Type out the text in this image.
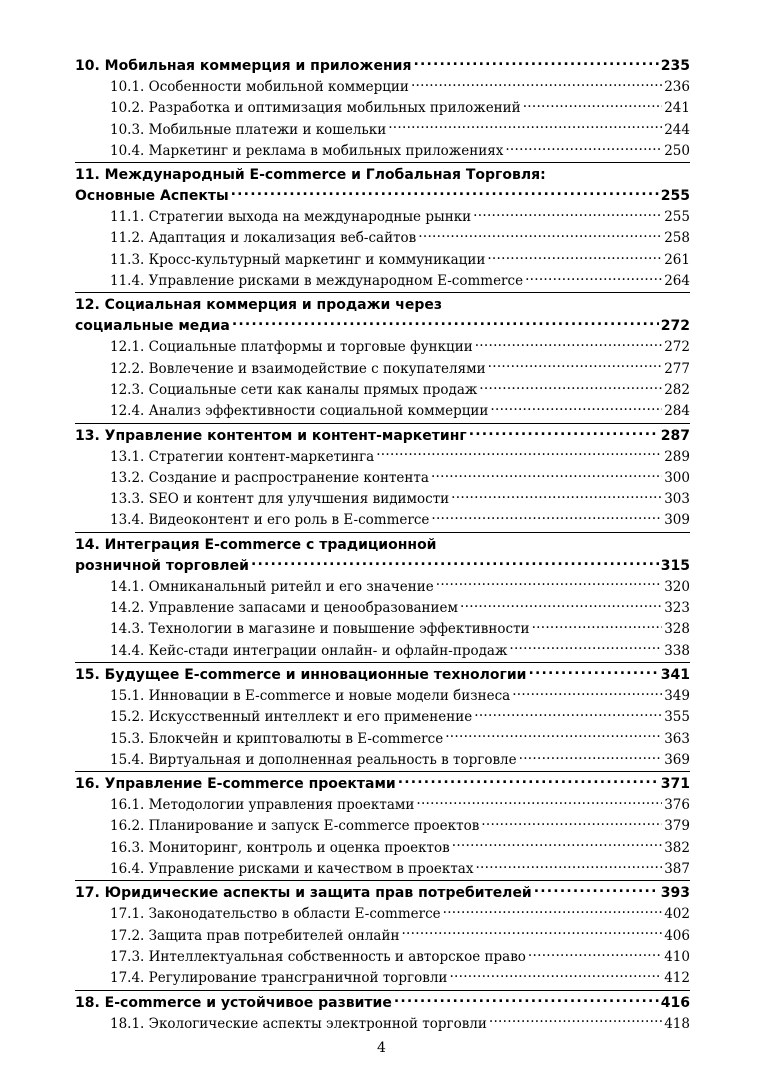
10. Мобильная коммерция и приложения .....	235
10.1. Особенности мобильной коммерции .....	236
10.2. Разработка и оптимизация мобильных приложений .....	241
10.3. Мобильные платежи и кошельки .....	244
10.4. Маркетинг и реклама в мобильных приложениях .....	250
11. Международный E-commerce и Глобальная Торговля:
Основные Аспекты .....	255
11.1. Стратегии выхода на международные рынки .....	255
11.2. Адаптация и локализация веб-сайтов .....	258
11.3. Кросс-культурный маркетинг и коммуникации .....	261
11.4. Управление рисками в международном E-commerce .....	264
12. Социальная коммерция и продажи через
социальные медиа .....	272
12.1. Социальные платформы и торговые функции .....	272
12.2. Вовлечение и взаимодействие с покупателями .....	277
12.3. Социальные сети как каналы прямых продаж .....	282
12.4. Анализ эффективности социальной коммерции .....	284
13. Управление контентом и контент-маркетинг .....	287
13.1. Стратегии контент-маркетинга .....	289
13.2. Создание и распространение контента .....	300
13.3. SEO и контент для улучшения видимости .....	303
13.4. Видеоконтент и его роль в E-commerce .....	309
14. Интеграция E-commerce с традиционной
розничной торговлей .....	315
14.1. Омниканальный ритейл и его значение .....	320
14.2. Управление запасами и ценообразованием .....	323
14.3. Технологии в магазине и повышение эффективности .....	328
14.4. Кейс-стади интеграции онлайн- и офлайн-продаж .....	338
15. Будущее E-commerce и инновационные технологии .....	341
15.1. Инновации в E-commerce и новые модели бизнеса .....	349
15.2. Искусственный интеллект и его применение .....	355
15.3. Блокчейн и криптовалюты в E-commerce .....	363
15.4. Виртуальная и дополненная реальность в торговле .....	369
16. Управление E-commerce проектами .....	371
16.1. Методологии управления проектами .....	376
16.2. Планирование и запуск E-commerce проектов .....	379
16.3. Мониторинг, контроль и оценка проектов .....	382
16.4. Управление рисками и качеством в проектах .....	387
17. Юридические аспекты и защита прав потребителей .....	393
17.1. Законодательство в области E-commerce .....	402
17.2. Защита прав потребителей онлайн .....	406
17.3. Интеллектуальная собственность и авторское право .....	410
17.4. Регулирование трансграничной торговли .....	412
18. E-commerce и устойчивое развитие .....	416
18.1. Экологические аспекты электронной торговли .....	418
4
